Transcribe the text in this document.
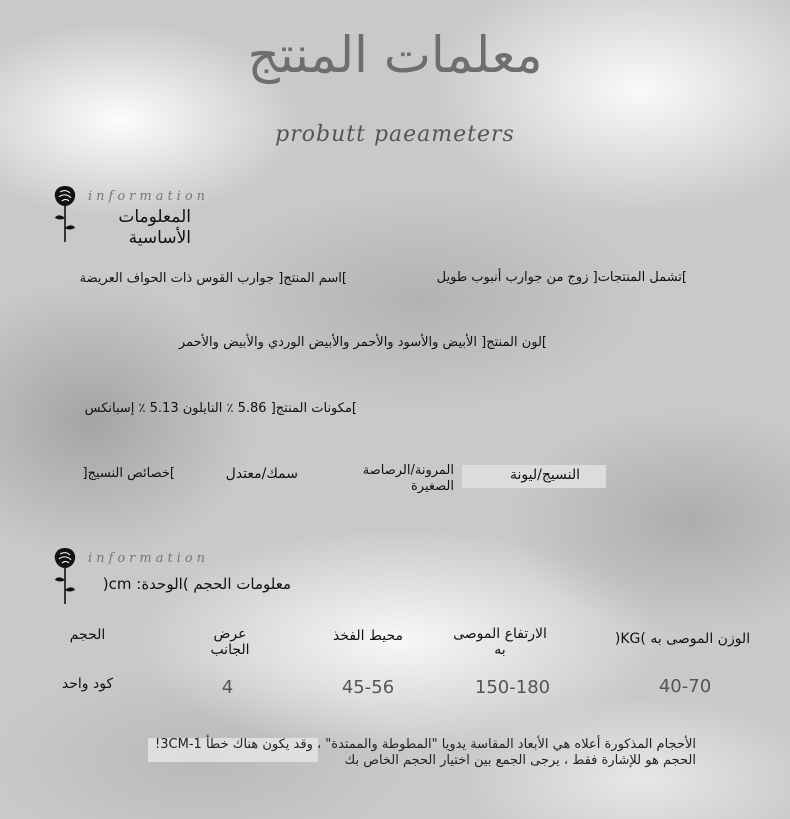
معلمات المنتج
probutt paeameters
information
المعلومات
الأساسية
]تشمل المنتجات[ زوج من جوارب أنبوب طويل
]اسم المنتج[ جوارب القوس ذات الحواف العريضة
]لون المنتج[ الأبيض والأسود والأحمر والأبيض الوردي والأبيض والأحمر
]مكونات المنتج[ 5.86 ٪ النايلون 5.13 ٪ إسبانكس
]خصائص النسيج[	سمك/معتدل	المرونة/الرصاصة
الصغيرة
النسيج/ليونة
information
معلومات الحجم )الوحدة: cm(
الوزن الموصى به )KG(
الارتفاع الموصى
به
محيط الفخذ
عرض
الجانب
الحجم
40-70
150-180
45-56
4
كود واحد
الأحجام المذكورة أعلاه هي الأبعاد المقاسة يدويا "المطوطة والممتدة" ، وقد يكون هناك خطأ 1-3CM!
الحجم هو للإشارة فقط ، يرجى الجمع بين اختيار الحجم الخاص بك
